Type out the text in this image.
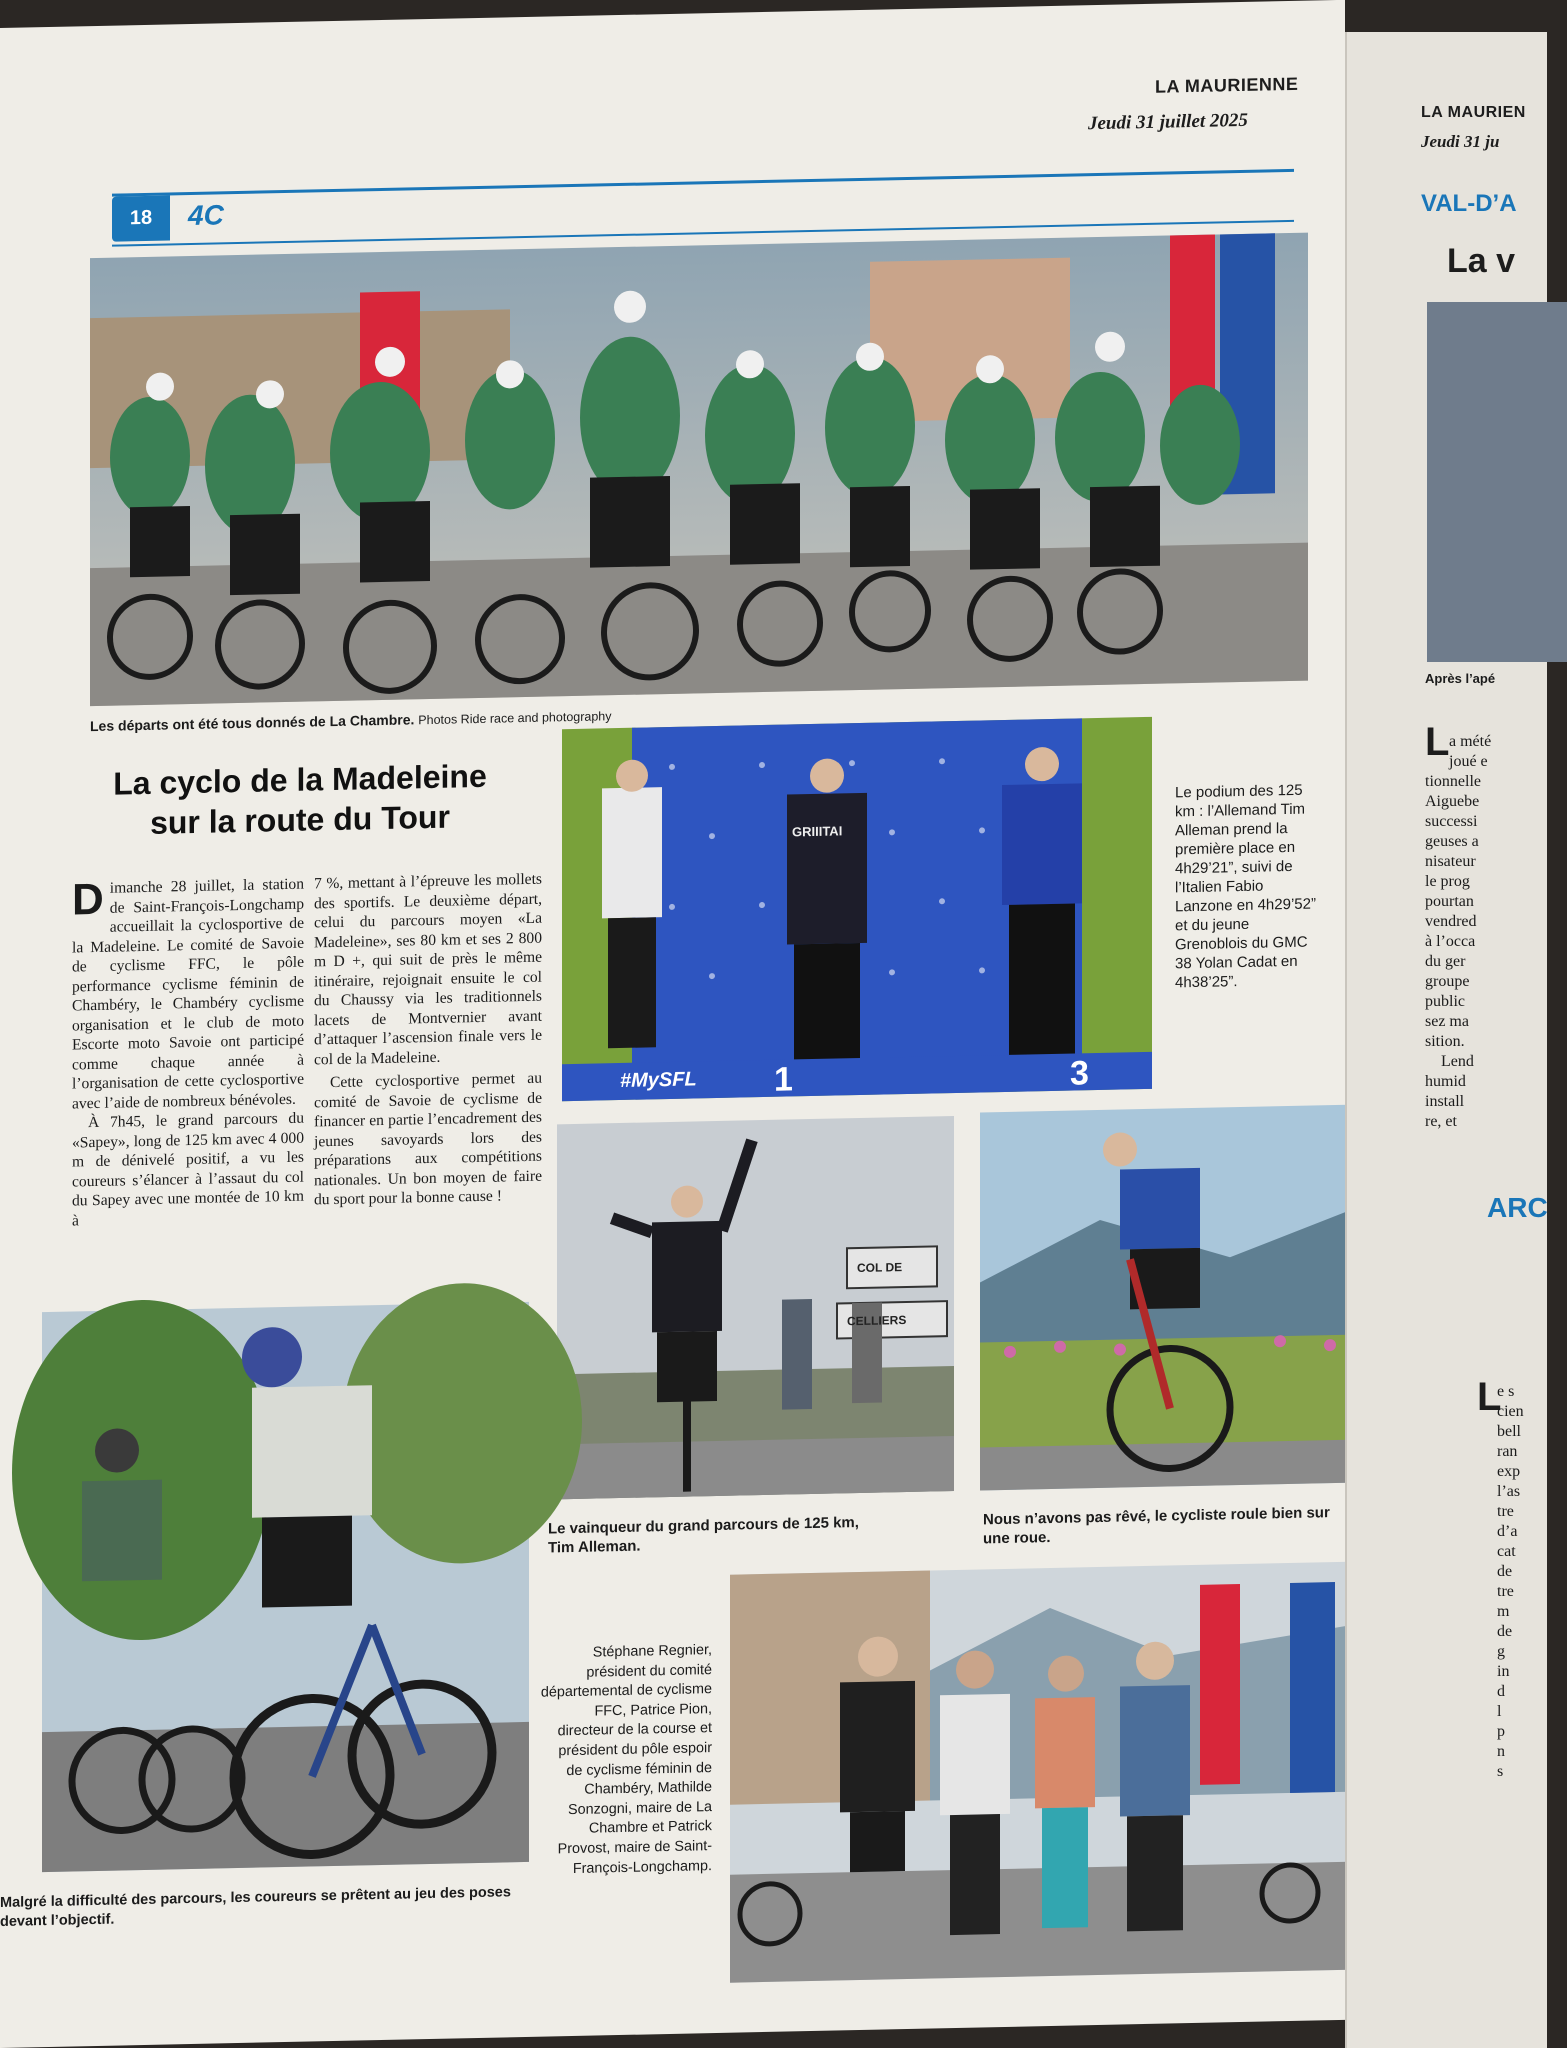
LA MAURIENNE
Jeudi 31 juillet 2025
18	4C
Les départs ont été tous donnés de La Chambre. Photos Ride race and photography
La cyclo de la Madeleine
sur la route du Tour
D imanche 28 juillet, la station de Saint-François-Longchamp accueillait la cyclosportive de la Madeleine. Le comité de Savoie de cyclisme FFC, le pôle performance cyclisme féminin de Chambéry, le Chambéry cyclisme organisation et le club de moto Escorte moto Savoie ont participé comme chaque année à l’organisation de cette cyclosportive avec l’aide de nombreux bénévoles.
À 7h45, le grand parcours du «Sapey», long de 125 km avec 4 000 m de dénivelé positif, a vu les coureurs s’élancer à l’assaut du col du Sapey avec une montée de 10 km à
7 %, mettant à l’épreuve les mollets des sportifs. Le deuxième départ, celui du parcours moyen «La Madeleine», ses 80 km et ses 2 800 m D +, qui suit de près le même itinéraire, rejoignait ensuite le col du Chaussy via les traditionnels lacets de Montvernier avant d’attaquer l’ascension finale vers le col de la Madeleine.
Cette cyclosportive permet au comité de Savoie de cyclisme de financer en partie l’encadrement des jeunes savoyards lors des préparations aux compétitions nationales. Un bon moyen de faire du sport pour la bonne cause !
#MySFL 1	3
GRIIITAI
Le podium des 125 km : l’Allemand Tim Alleman prend la première place en 4h29’21”, suivi de l’Italien Fabio Lanzone en 4h29’52” et du jeune Grenoblois du GMC 38 Yolan Cadat en 4h38’25”.
COL DE
CELLIERS
Le vainqueur du grand parcours de 125 km, Tim Alleman.
Nous n’avons pas rêvé, le cycliste roule bien sur une roue.
Malgré la difficulté des parcours, les coureurs se prêtent au jeu des poses devant l’objectif.
Stéphane Regnier, président du comité départemental de cyclisme FFC, Patrice Pion, directeur de la course et président du pôle espoir de cyclisme féminin de Chambéry, Mathilde Sonzogni, maire de La Chambre et Patrick Provost, maire de Saint-François-Longchamp.
LA MAURIEN
Jeudi 31 ju
VAL-D’A
La v
Après l’apé
L a mété
joué e
tionnelle
Aiguebe
successi
geuses a
nisateur
le prog
pourtan
vendred
à l’occa
du ger
groupe
public
sez ma
sition.
Lend
humid
install
re, et
ARC
L
e s
cien
bell
ran
exp
l’as
tre
d’a
cat
de
tre
m
de
g
in
d
l
p
n
s
